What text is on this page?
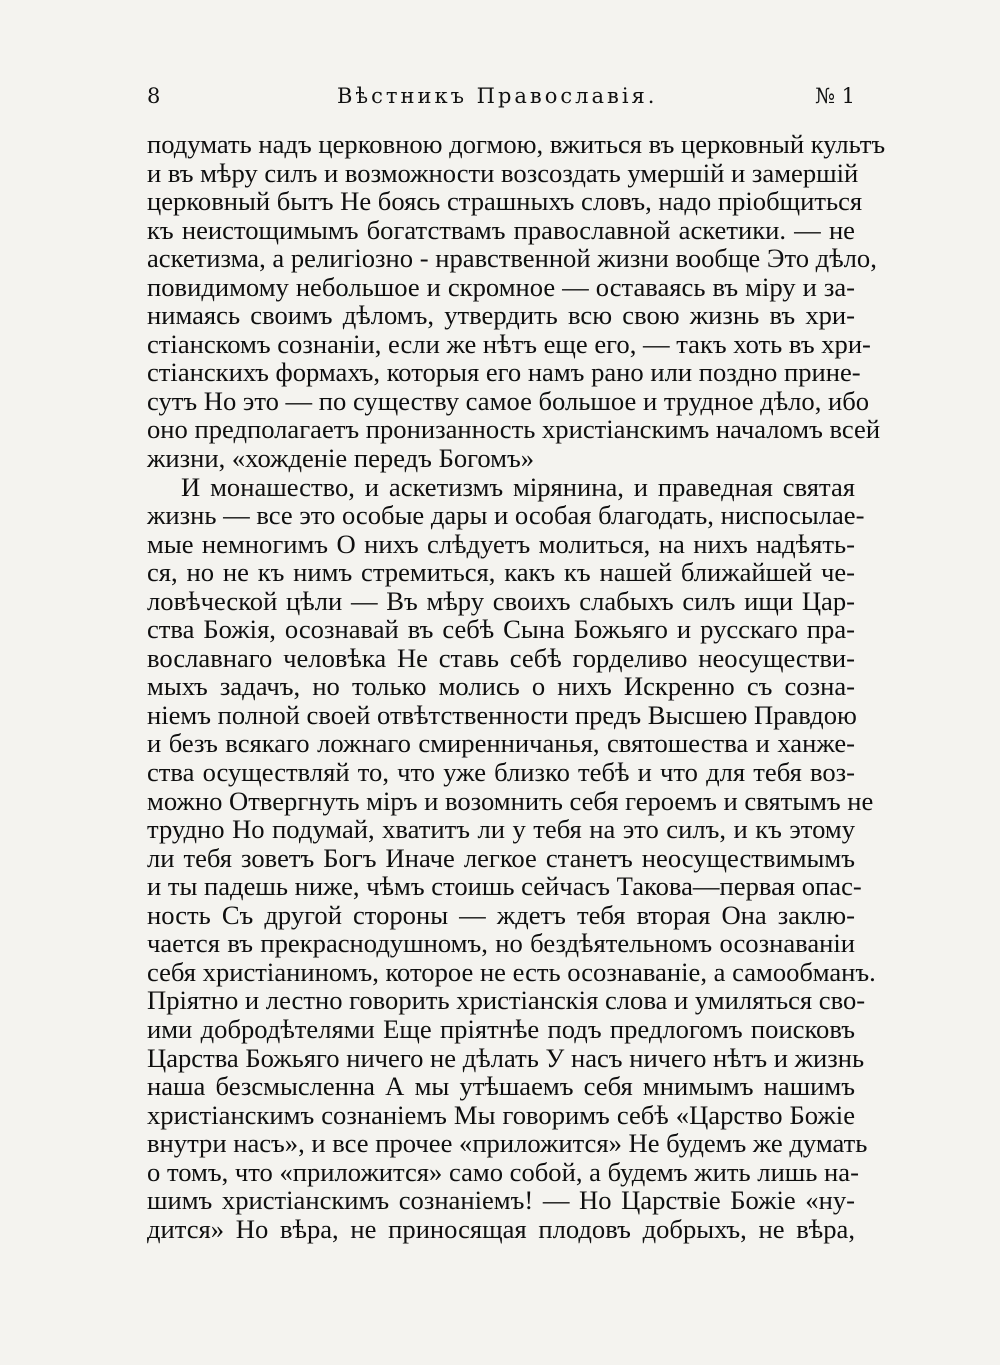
8	Вѣстникъ Православія.	№ 1
подумать надъ церковною догмою, вжиться въ церковный культъ
и въ мѣру силъ и возможности возсоздать умершій и замершій
церковный бытъ Не боясь страшныхъ словъ, надо пріобщиться
къ неистощимымъ богатствамъ православной аскетики. — не
аскетизма, а религіозно - нравственной жизни вообще Это дѣло,
повидимому небольшое и скромное — оставаясь въ міру и за-
нимаясь своимъ дѣломъ, утвердить всю свою жизнь въ хри-
стіанскомъ сознаніи, если же нѣтъ еще его, — такъ хоть въ хри-
стіанскихъ формахъ, которыя его намъ рано или поздно прине-
сутъ Но это — по существу самое большое и трудное дѣло, ибо
оно предполагаетъ пронизанность христіанскимъ началомъ всей
жизни, «хожденіе передъ Богомъ»
И монашество, и аскетизмъ мірянина, и праведная святая
жизнь — все это особые дары и особая благодать, ниспосылае-
мые немногимъ О нихъ слѣдуетъ молиться, на нихъ надѣять-
ся, но не къ нимъ стремиться, какъ къ нашей ближайшей че-
ловѣческой цѣли — Въ мѣру своихъ слабыхъ силъ ищи Цар-
ства Божія, осознавай въ себѣ Сына Божьяго и русскаго пра-
вославнаго человѣка Не ставь себѣ горделиво неосуществи-
мыхъ задачъ, но только молись о нихъ Искренно съ созна-
ніемъ полной своей отвѣтственности предъ Высшею Правдою
и безъ всякаго ложнаго смиренничанья, святошества и ханже-
ства осуществляй то, что уже близко тебѣ и что для тебя воз-
можно Отвергнуть міръ и возомнить себя героемъ и святымъ не
трудно Но подумай, хватитъ ли у тебя на это силъ, и къ этому
ли тебя зоветъ Богъ Иначе легкое станетъ неосуществимымъ
и ты падешь ниже, чѣмъ стоишь сейчасъ Такова—первая опас-
ность Съ другой стороны — ждетъ тебя вторая Она заклю-
чается въ прекраснодушномъ, но бездѣятельномъ осознаваніи
себя христіаниномъ, которое не есть осознаваніе, а самообманъ.
Пріятно и лестно говорить христіанскія слова и умиляться сво-
ими добродѣтелями Еще пріятнѣе подъ предлогомъ поисковъ
Царства Божьяго ничего не дѣлать У насъ ничего нѣтъ и жизнь
наша безсмысленна А мы утѣшаемъ себя мнимымъ нашимъ
христіанскимъ сознаніемъ Мы говоримъ себѣ «Царство Божіе
внутри насъ», и все прочее «приложится» Не будемъ же думать
о томъ, что «приложится» само собой, а будемъ жить лишь на-
шимъ христіанскимъ сознаніемъ! — Но Царствіе Божіе «ну-
дится» Но вѣра, не приносящая плодовъ добрыхъ, не вѣра,
